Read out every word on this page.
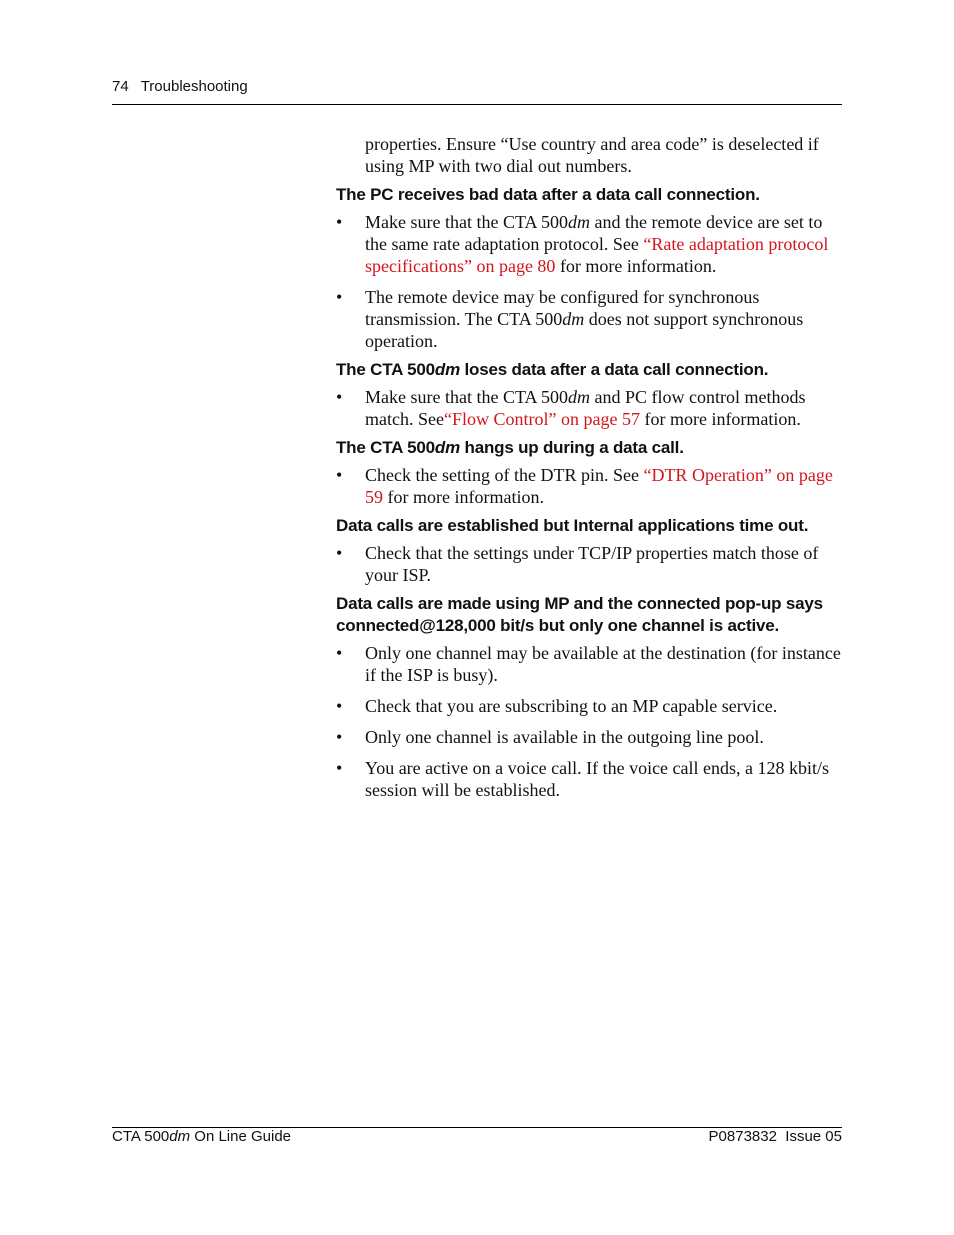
74 Troubleshooting

properties. Ensure “Use country and area code” is deselected if using MP with two dial out numbers.

The PC receives bad data after a data call connection.
• Make sure that the CTA 500dm and the remote device are set to the same rate adaptation protocol. See “Rate adaptation protocol specifications” on page 80 for more information.
• The remote device may be configured for synchronous transmission. The CTA 500dm does not support synchronous operation.
The CTA 500dm loses data after a data call connection.
• Make sure that the CTA 500dm and PC flow control methods match. See“Flow Control” on page 57 for more information.
The CTA 500dm hangs up during a data call.
• Check the setting of the DTR pin. See “DTR Operation” on page 59 for more information.
Data calls are established but Internal applications time out.
• Check that the settings under TCP/IP properties match those of your ISP.
Data calls are made using MP and the connected pop-up says connected@128,000 bit/s but only one channel is active.
• Only one channel may be available at the destination (for instance if the ISP is busy).
• Check that you are subscribing to an MP capable service.
• Only one channel is available in the outgoing line pool.
• You are active on a voice call. If the voice call ends, a 128 kbit/s session will be established.
CTA 500dm On Line Guide	P0873832  Issue 05
